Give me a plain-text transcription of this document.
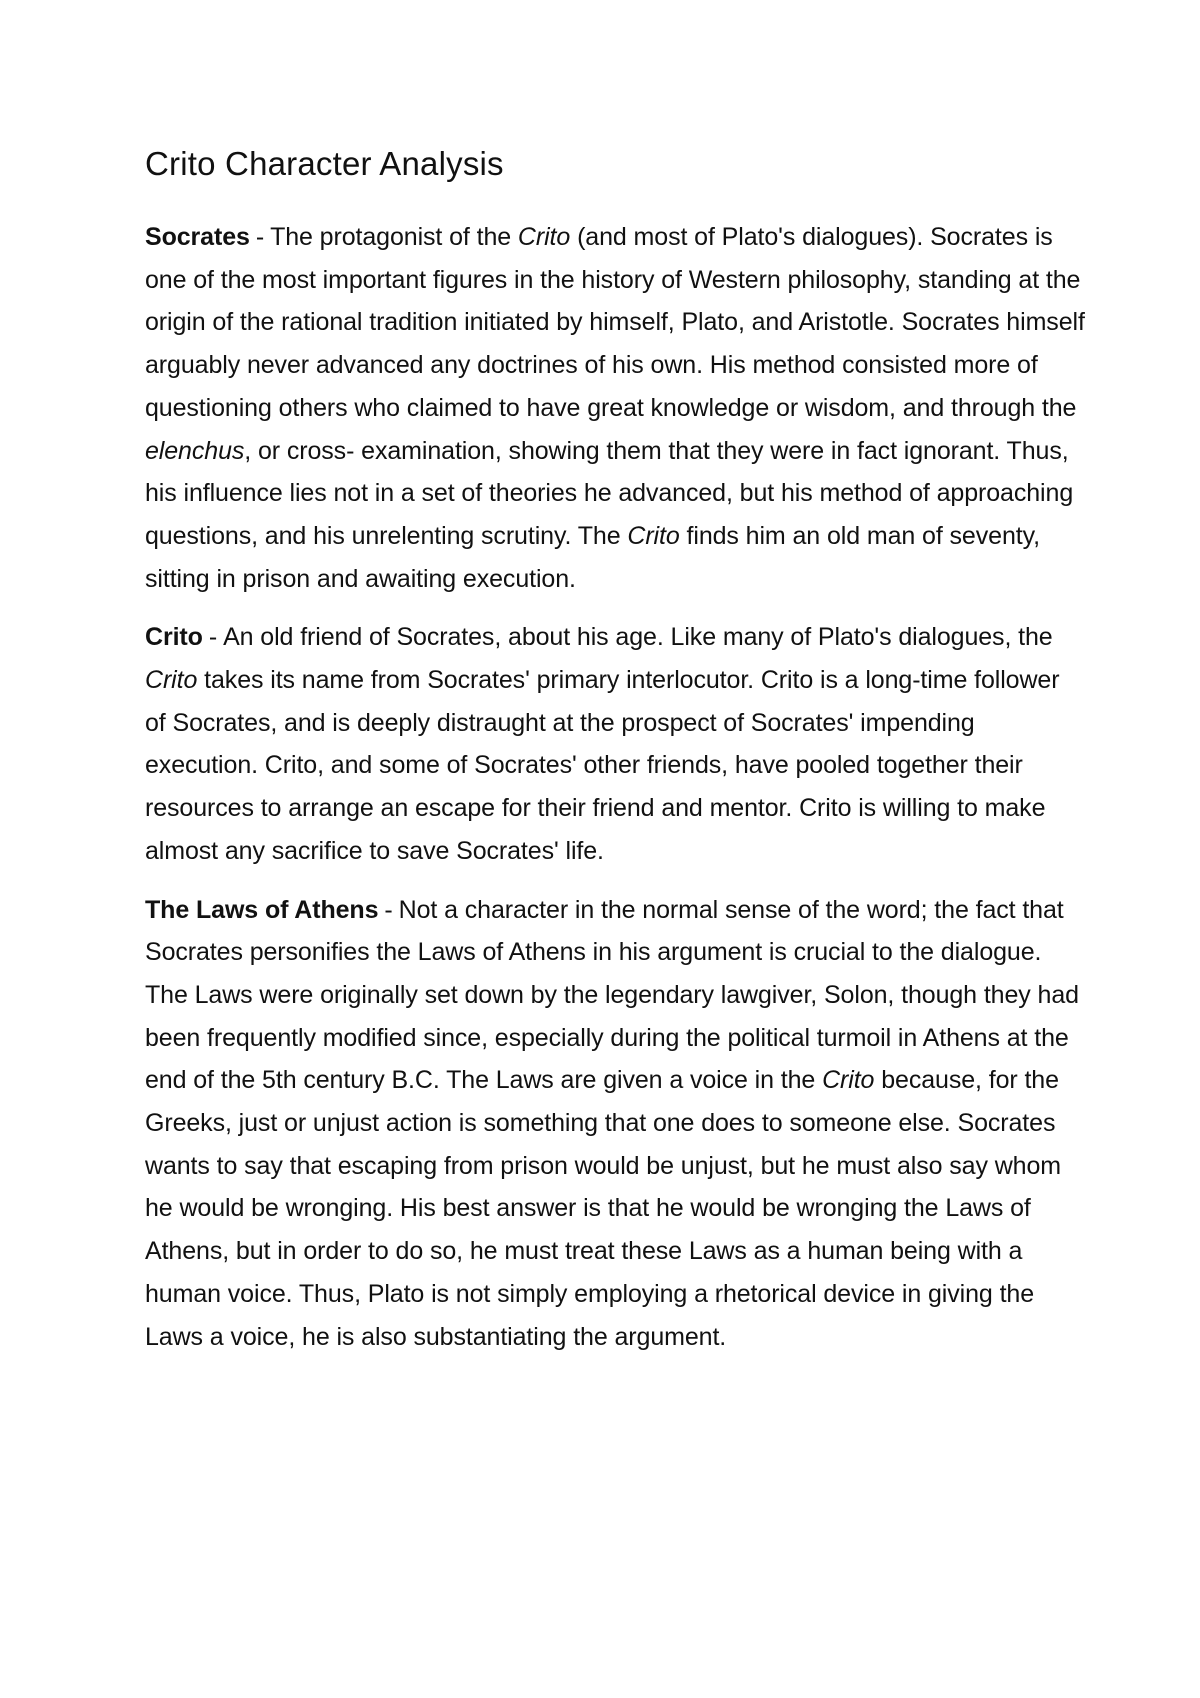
Crito Character Analysis

Socrates - The protagonist of the Crito (and most of Plato's dialogues). Socrates is one of the most important figures in the history of Western philosophy, standing at the origin of the rational tradition initiated by himself, Plato, and Aristotle. Socrates himself arguably never advanced any doctrines of his own. His method consisted more of questioning others who claimed to have great knowledge or wisdom, and through the elenchus, or cross- examination, showing them that they were in fact ignorant. Thus, his influence lies not in a set of theories he advanced, but his method of approaching questions, and his unrelenting scrutiny. The Crito finds him an old man of seventy, sitting in prison and awaiting execution.

Crito - An old friend of Socrates, about his age. Like many of Plato's dialogues, the Crito takes its name from Socrates' primary interlocutor. Crito is a long-time follower of Socrates, and is deeply distraught at the prospect of Socrates' impending execution. Crito, and some of Socrates' other friends, have pooled together their resources to arrange an escape for their friend and mentor. Crito is willing to make almost any sacrifice to save Socrates' life.

The Laws of Athens - Not a character in the normal sense of the word; the fact that Socrates personifies the Laws of Athens in his argument is crucial to the dialogue. The Laws were originally set down by the legendary lawgiver, Solon, though they had been frequently modified since, especially during the political turmoil in Athens at the end of the 5th century B.C. The Laws are given a voice in the Crito because, for the Greeks, just or unjust action is something that one does to someone else. Socrates wants to say that escaping from prison would be unjust, but he must also say whom he would be wronging. His best answer is that he would be wronging the Laws of Athens, but in order to do so, he must treat these Laws as a human being with a human voice. Thus, Plato is not simply employing a rhetorical device in giving the Laws a voice, he is also substantiating the argument.
